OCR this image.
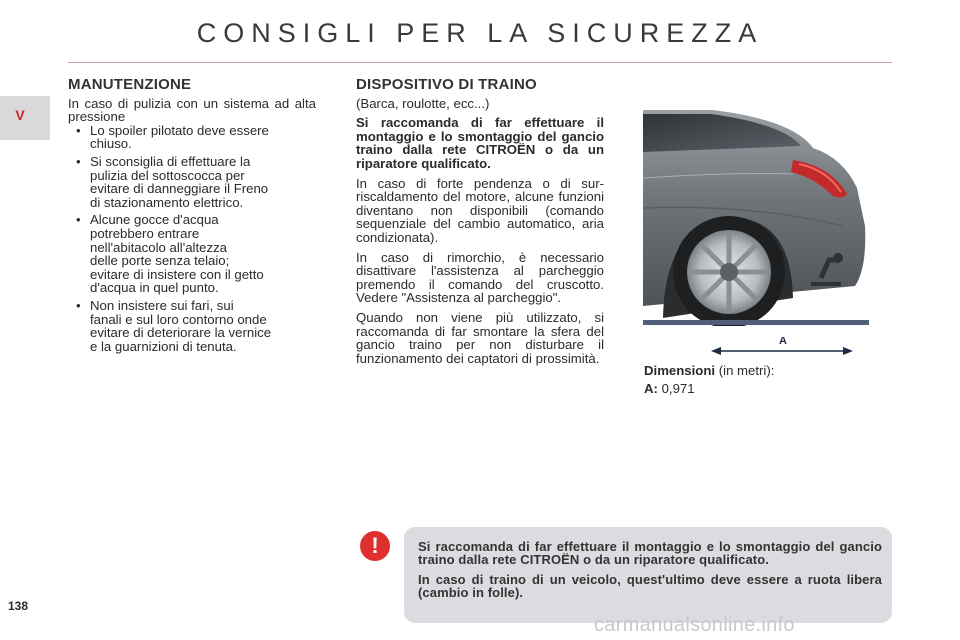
CONSIGLI PER LA SICUREZZA
V
138
MANUTENZIONE

In caso di pulizia con un sistema ad alta pressione

• Lo spoiler pilotato deve essere
chiuso.
• Si sconsiglia di effettuare la
pulizia del sottoscocca per
evitare di danneggiare il Freno
di stazionamento elettrico.
• Alcune gocce d'acqua
potrebbero entrare
nell'abitacolo all'altezza
delle porte senza telaio;
evitare di insistere con il getto
d'acqua in quel punto.
• Non insistere sui fari, sui
fanali e sul loro contorno onde
evitare di deteriorare la vernice
e la guarnizioni di tenuta.
DISPOSITIVO DI TRAINO

(Barca, roulotte, ecc...)

Si raccomanda di far effettuare il montaggio e lo smontaggio del gancio traino dalla rete CITROËN o da un riparatore qualificato.

In caso di forte pendenza o di sur-riscaldamento del motore, alcune funzioni diventano non disponibili (comando sequenziale del cambio automatico, aria condizionata).

In caso di rimorchio, è necessario disattivare l'assistenza al parcheggio premendo il comando del cruscotto. Vedere "Assistenza al parcheggio".

Quando non viene più utilizzato, si raccomanda di far smontare la sfera del gancio traino per non disturbare il funzionamento dei captatori di prossimità.

A
Dimensioni (in metri):
A: 0,971
!	Si raccomanda di far effettuare il montaggio e lo smontaggio del gancio traino dalla rete CITROËN o da un riparatore qualificato.

In caso di traino di un veicolo, quest'ultimo deve essere a ruota libera (cambio in folle).

carmanualsonline.info
